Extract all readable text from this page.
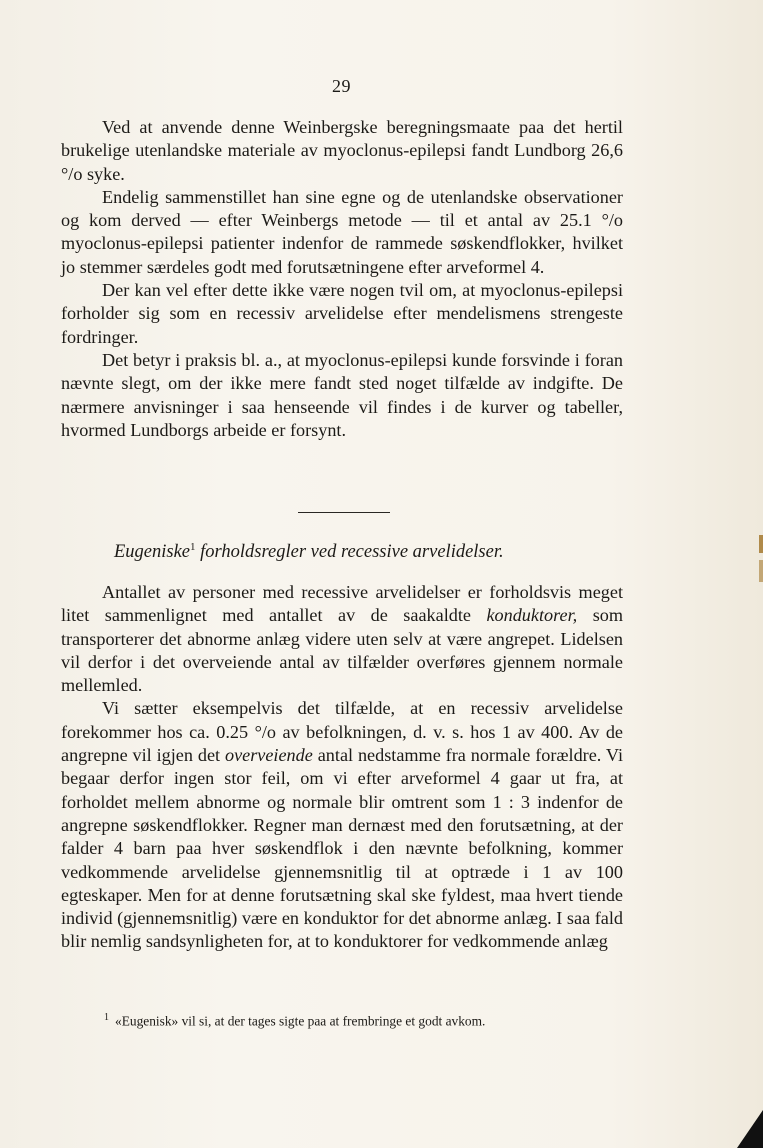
29

Ved at anvende denne Weinbergske beregningsmaate paa det hertil brukelige utenlandske materiale av myoclonus-epilepsi fandt Lundborg 26,6 °/o syke.

Endelig sammenstillet han sine egne og de utenlandske observationer og kom derved — efter Weinbergs metode — til et antal av 25.1 °/o myoclonus-epilepsi patienter indenfor de rammede søskendflokker, hvilket jo stemmer særdeles godt med forutsætningene efter arveformel 4.

Der kan vel efter dette ikke være nogen tvil om, at myoclonus-epilepsi forholder sig som en recessiv arvelidelse efter mendelismens strengeste fordringer.

Det betyr i praksis bl. a., at myoclonus-epilepsi kunde forsvinde i foran nævnte slegt, om der ikke mere fandt sted noget tilfælde av indgifte. De nærmere anvisninger i saa henseende vil findes i de kurver og tabeller, hvormed Lundborgs arbeide er forsynt.

Eugeniske$^1$ forholdsregler ved recessive arvelidelser.

Antallet av personer med recessive arvelidelser er forholdsvis meget litet sammenlignet med antallet av de saakaldte konduktorer, som transporterer det abnorme anlæg videre uten selv at være angrepet. Lidelsen vil derfor i det overveiende antal av tilfælder overføres gjennem normale mellemled.

Vi sætter eksempelvis det tilfælde, at en recessiv arvelidelse forekommer hos ca. 0.25 °/o av befolkningen, d. v. s. hos 1 av 400. Av de angrepne vil igjen det overveiende antal nedstamme fra normale forældre. Vi begaar derfor ingen stor feil, om vi efter arveformel 4 gaar ut fra, at forholdet mellem abnorme og normale blir omtrent som 1 : 3 indenfor de angrepne søskendflokker. Regner man dernæst med den forutsætning, at der falder 4 barn paa hver søskendflok i den nævnte befolkning, kommer vedkommende arvelidelse gjennemsnitlig til at optræde i 1 av 100 egteskaper. Men for at denne forutsætning skal ske fyldest, maa hvert tiende individ (gjennemsnitlig) være en konduktor for det abnorme anlæg. I saa fald blir nemlig sandsynligheten for, at to konduktorer for vedkommende anlæg

$^1$ «Eugenisk» vil si, at der tages sigte paa at frembringe et godt avkom.
